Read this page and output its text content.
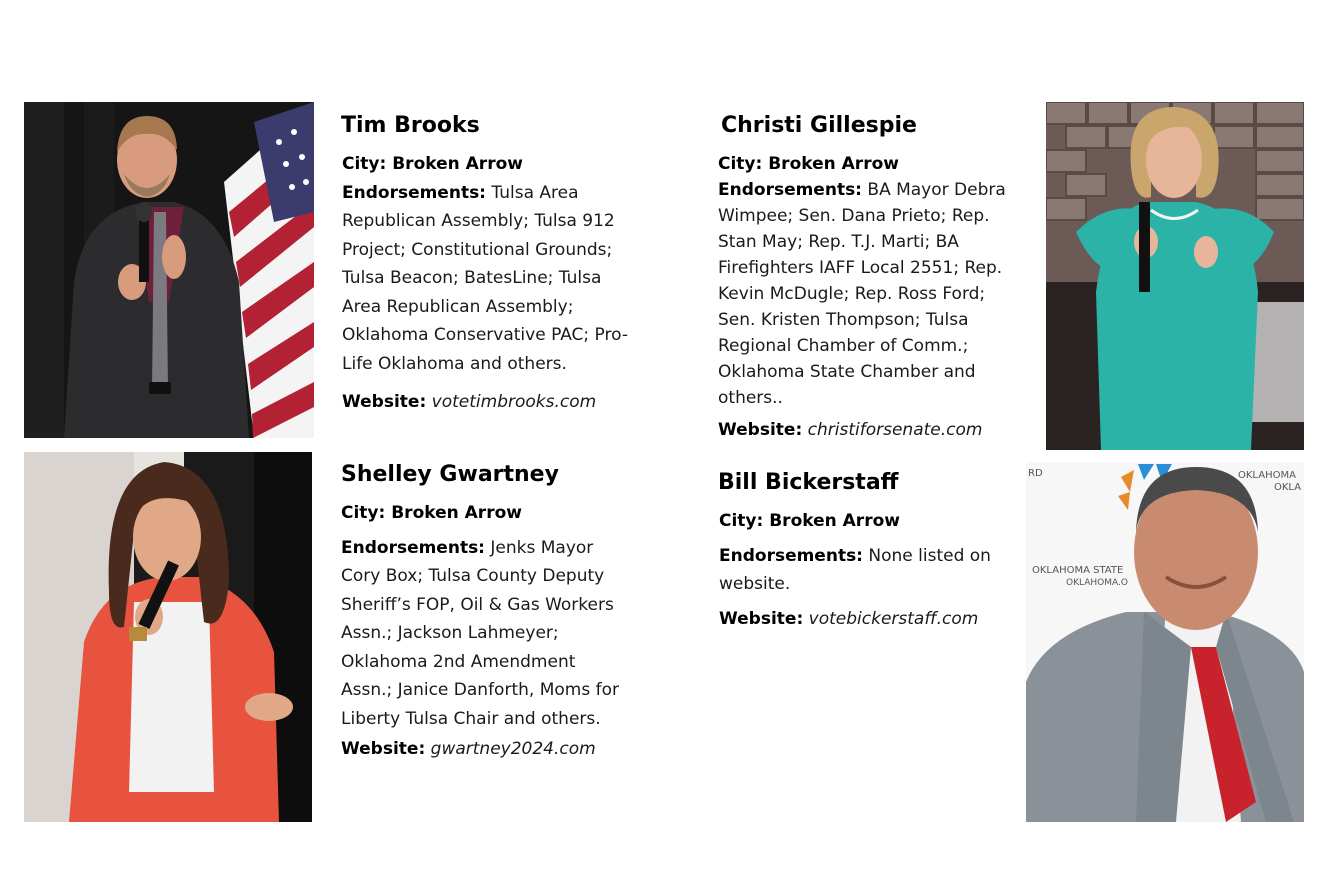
RD	OKLAHOMA
OKLA
OKLAHOMA STATE
OKLAHOMA.O
Tim Brooks

City: Broken Arrow

Endorsements: Tulsa Area Republican Assembly; Tulsa 912 Project; Constitutional Grounds; Tulsa Beacon; BatesLine; Tulsa Area Republican Assembly; Oklahoma Conservative PAC; Pro-Life Oklahoma and others.

Website: votetimbrooks.com

Shelley Gwartney

City: Broken Arrow

Endorsements: Jenks Mayor Cory Box; Tulsa County Deputy Sheriff’s FOP, Oil & Gas Workers Assn.; Jackson Lahmeyer; Oklahoma 2nd Amendment Assn.; Janice Danforth, Moms for Liberty Tulsa Chair and others.

Website: gwartney2024.com

Christi Gillespie

City: Broken Arrow

Endorsements: BA Mayor Debra Wimpee; Sen. Dana Prieto; Rep. Stan May; Rep. T.J. Marti; BA Firefighters IAFF Local 2551; Rep. Kevin McDugle; Rep. Ross Ford; Sen. Kristen Thompson; Tulsa Regional Chamber of Comm.; Oklahoma State Chamber and others..

Website: christiforsenate.com

Bill Bickerstaff

City: Broken Arrow

Endorsements: None listed on website.

Website: votebickerstaff.com
